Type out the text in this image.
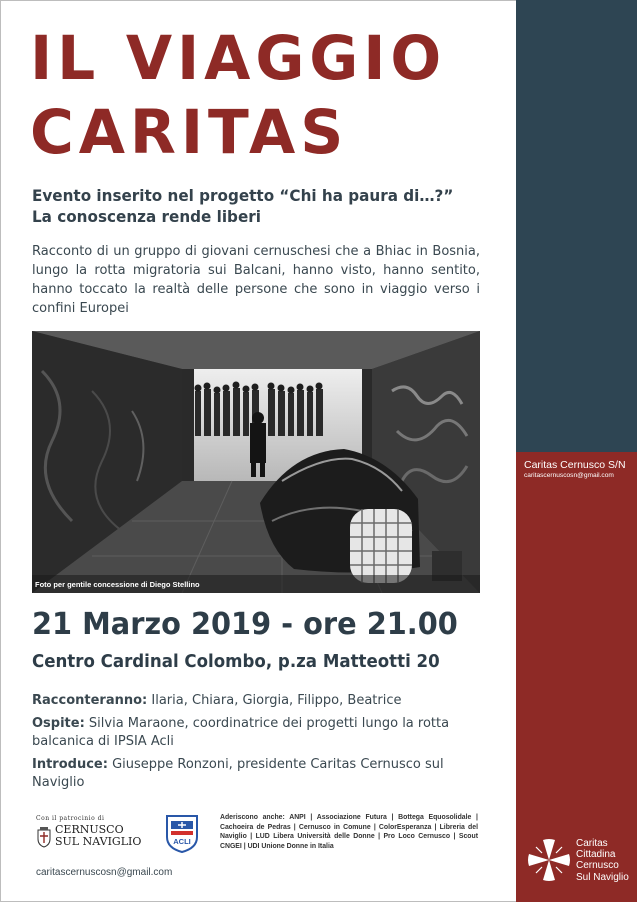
Caritas Cernusco S/N
caritascernuscosn@gmail.com
IL VIAGGIO
CARITAS
Evento inserito nel progetto “Chi ha paura di…?”
La conoscenza rende liberi
Racconto di un gruppo di giovani cernuschesi che a Bhiac in Bosnia, lungo la rotta migratoria sui Balcani, hanno visto, hanno sentito, hanno toccato la realtà delle persone che sono in viaggio verso i confini Europei
Foto per gentile concessione di Diego Stellino
21 Marzo 2019 - ore 21.00
Centro Cardinal Colombo, p.za Matteotti 20
Racconteranno: Ilaria, Chiara, Giorgia, Filippo, Beatrice
Ospite: Silvia Maraone, coordinatrice dei progetti lungo la rotta balcanica di IPSIA Acli
Introduce: Giuseppe Ronzoni, presidente Caritas Cernusco sul Naviglio
Con il patrocinio di
CERNUSCO
SUL NAVIGLIO	ACLI
Aderiscono anche: ANPI | Associazione Futura | Bottega Equosolidale | Cachoeira de Pedras | Cernusco in Comune | ColorEsperanza | Libreria del Naviglio | LUD Libera Università delle Donne | Pro Loco Cernusco | Scout CNGEI | UDI Unione Donne in Italia
caritascernuscosn@gmail.com
Caritas
Cittadina
Cernusco
Sul Naviglio
